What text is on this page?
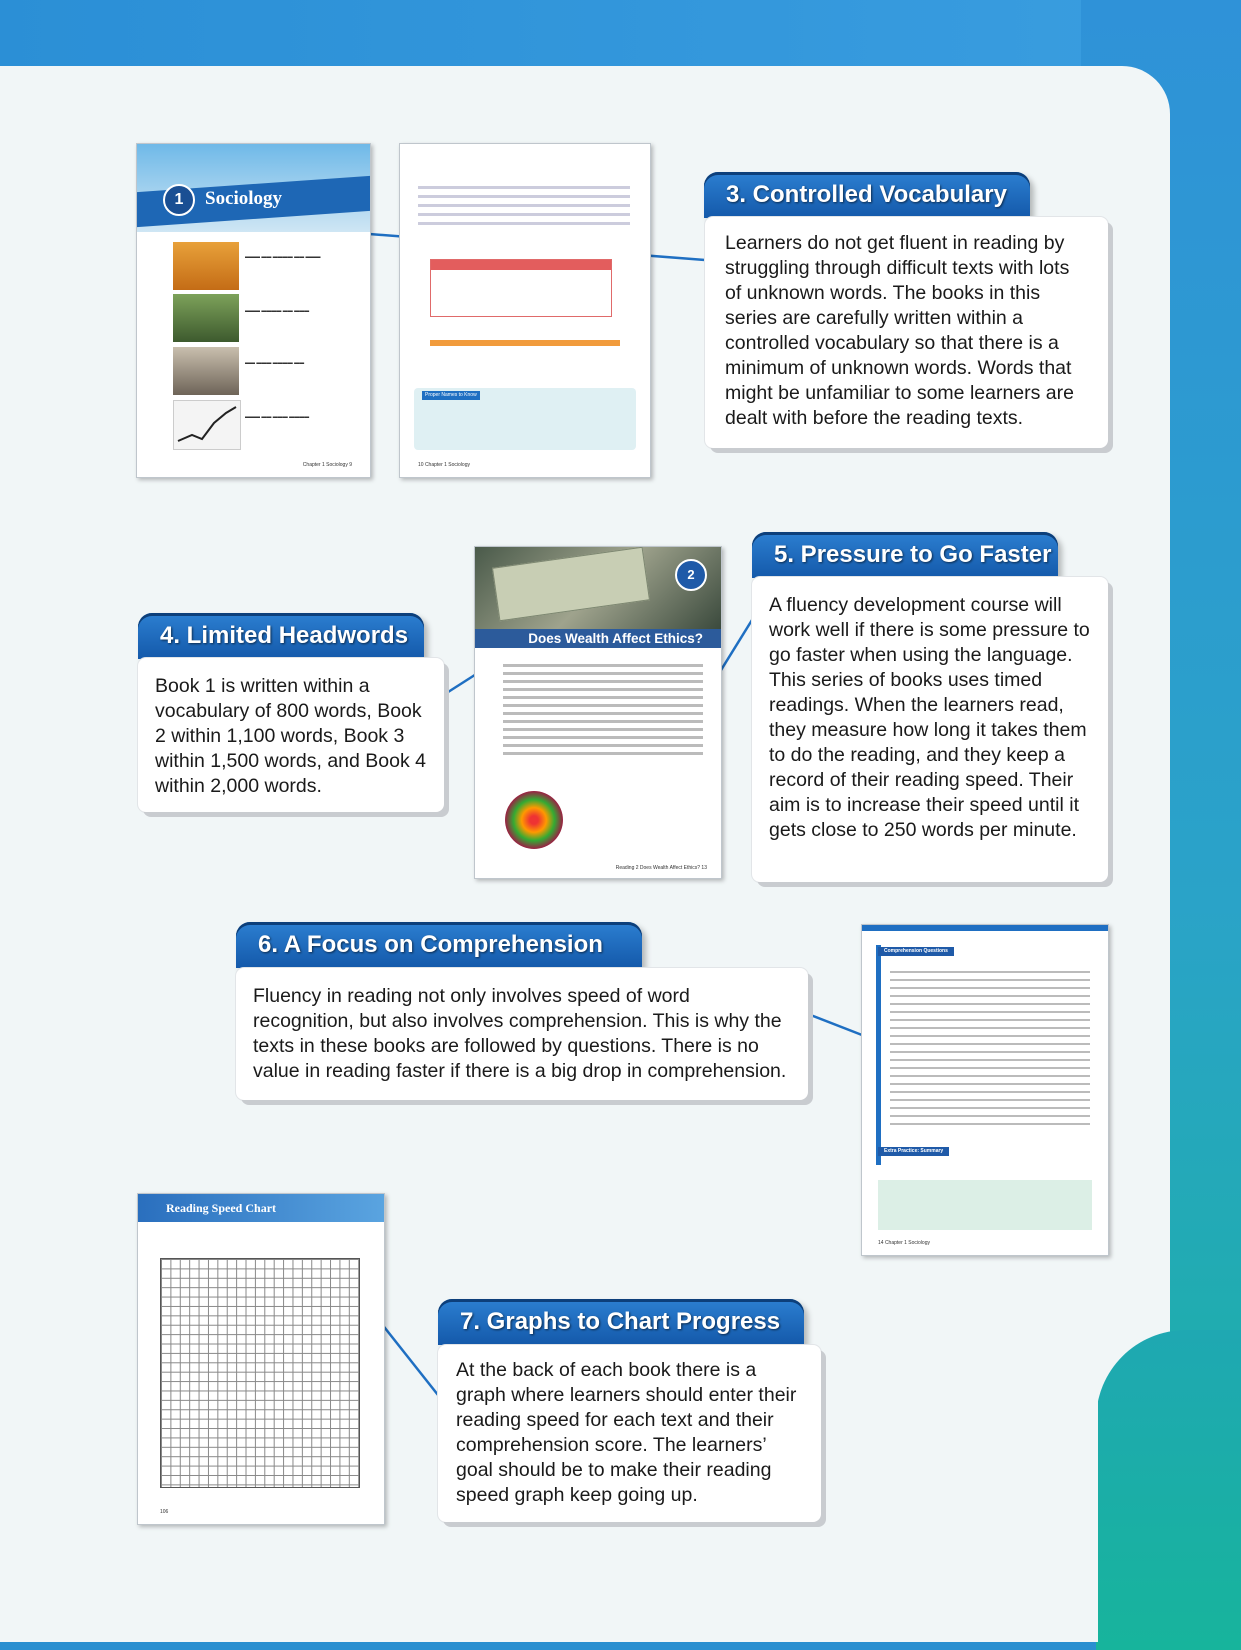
1	Sociology
▬▬▬ ▬▬ ▬▬▬▬ ▬▬ ▬▬▬
▬▬▬ ▬▬▬▬ ▬▬ ▬▬▬
▬▬ ▬▬▬ ▬▬▬▬ ▬▬
▬▬▬ ▬▬ ▬▬▬ ▬▬▬▬
Chapter 1 Sociology 9
Proper Names to Know
10 Chapter 1 Sociology
2
Does Wealth Affect Ethics?
Reading 2 Does Wealth Affect Ethics? 13
Comprehension Questions
Extra Practice: Summary
14 Chapter 1 Sociology
Reading Speed Chart
106
3. Controlled Vocabulary
Learners do not get fluent in reading by struggling through difficult texts with lots of unknown words. The books in this series are carefully written within a controlled vocabulary so that there is a minimum of unknown words. Words that might be unfamiliar to some learners are dealt with before the reading texts.
4. Limited Headwords
Book 1 is written within a vocabulary of 800 words, Book 2 within 1,100 words, Book 3 within 1,500 words, and Book 4 within 2,000 words.
5. Pressure to Go Faster
A fluency development course will work well if there is some pressure to go faster when using the language. This series of books uses timed readings. When the learners read, they measure how long it takes them to do the reading, and they keep a record of their reading speed. Their aim is to increase their speed until it gets close to 250 words per minute.
6. A Focus on Comprehension
Fluency in reading not only involves speed of word recognition, but also involves comprehension. This is why the texts in these books are followed by questions. There is no value in reading faster if there is a big drop in comprehension.
7. Graphs to Chart Progress
At the back of each book there is a graph where learners should enter their reading speed for each text and their comprehension score. The learners’ goal should be to make their reading speed graph keep going up.
